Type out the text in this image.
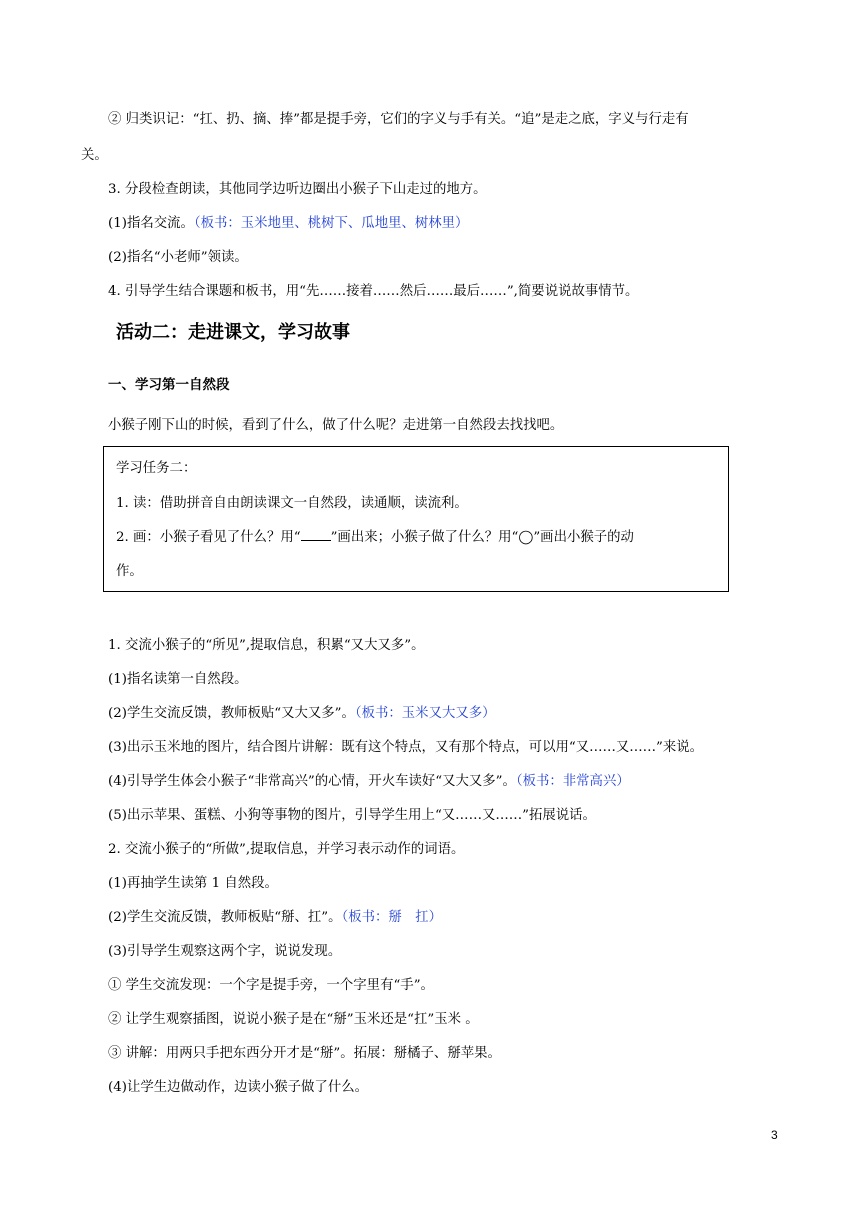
② 归类识记：“扛、扔、摘、捧”都是提手旁，它们的字义与手有关。“追”是走之底，字义与行走有
关。
3. 分段检查朗读，其他同学边听边圈出小猴子下山走过的地方。
(1)指名交流。（板书：玉米地里、桃树下、瓜地里、树林里）
(2)指名“小老师”领读。
4. 引导学生结合课题和板书，用“先……接着……然后……最后……”,简要说说故事情节。
活动二：走进课文，学习故事
一、学习第一自然段
小猴子刚下山的时候，看到了什么，做了什么呢？走进第一自然段去找找吧。
学习任务二：
1. 读：借助拼音自由朗读课文一自然段，读通顺，读流利。
2. 画：小猴子看见了什么？用“ ”画出来；小猴子做了什么？用“◯”画出小猴子的动
作。
1. 交流小猴子的“所见”,提取信息，积累“又大又多”。
(1)指名读第一自然段。
(2)学生交流反馈，教师板贴“又大又多”。（板书：玉米又大又多）
(3)出示玉米地的图片，结合图片讲解：既有这个特点，又有那个特点，可以用“又……又……”来说。
(4)引导学生体会小猴子“非常高兴”的心情，开火车读好“又大又多”。（板书：非常高兴）
(5)出示苹果、蛋糕、小狗等事物的图片，引导学生用上“又……又……”拓展说话。
2. 交流小猴子的“所做”,提取信息，并学习表示动作的词语。
(1)再抽学生读第 1 自然段。
(2)学生交流反馈，教师板贴“掰、扛”。（板书：掰　扛）
(3)引导学生观察这两个字，说说发现。
① 学生交流发现：一个字是提手旁，一个字里有“手”。
② 让学生观察插图，说说小猴子是在“掰”玉米还是“扛”玉米 。
③ 讲解：用两只手把东西分开才是“掰”。拓展：掰橘子、掰苹果。
(4)让学生边做动作，边读小猴子做了什么。
3
